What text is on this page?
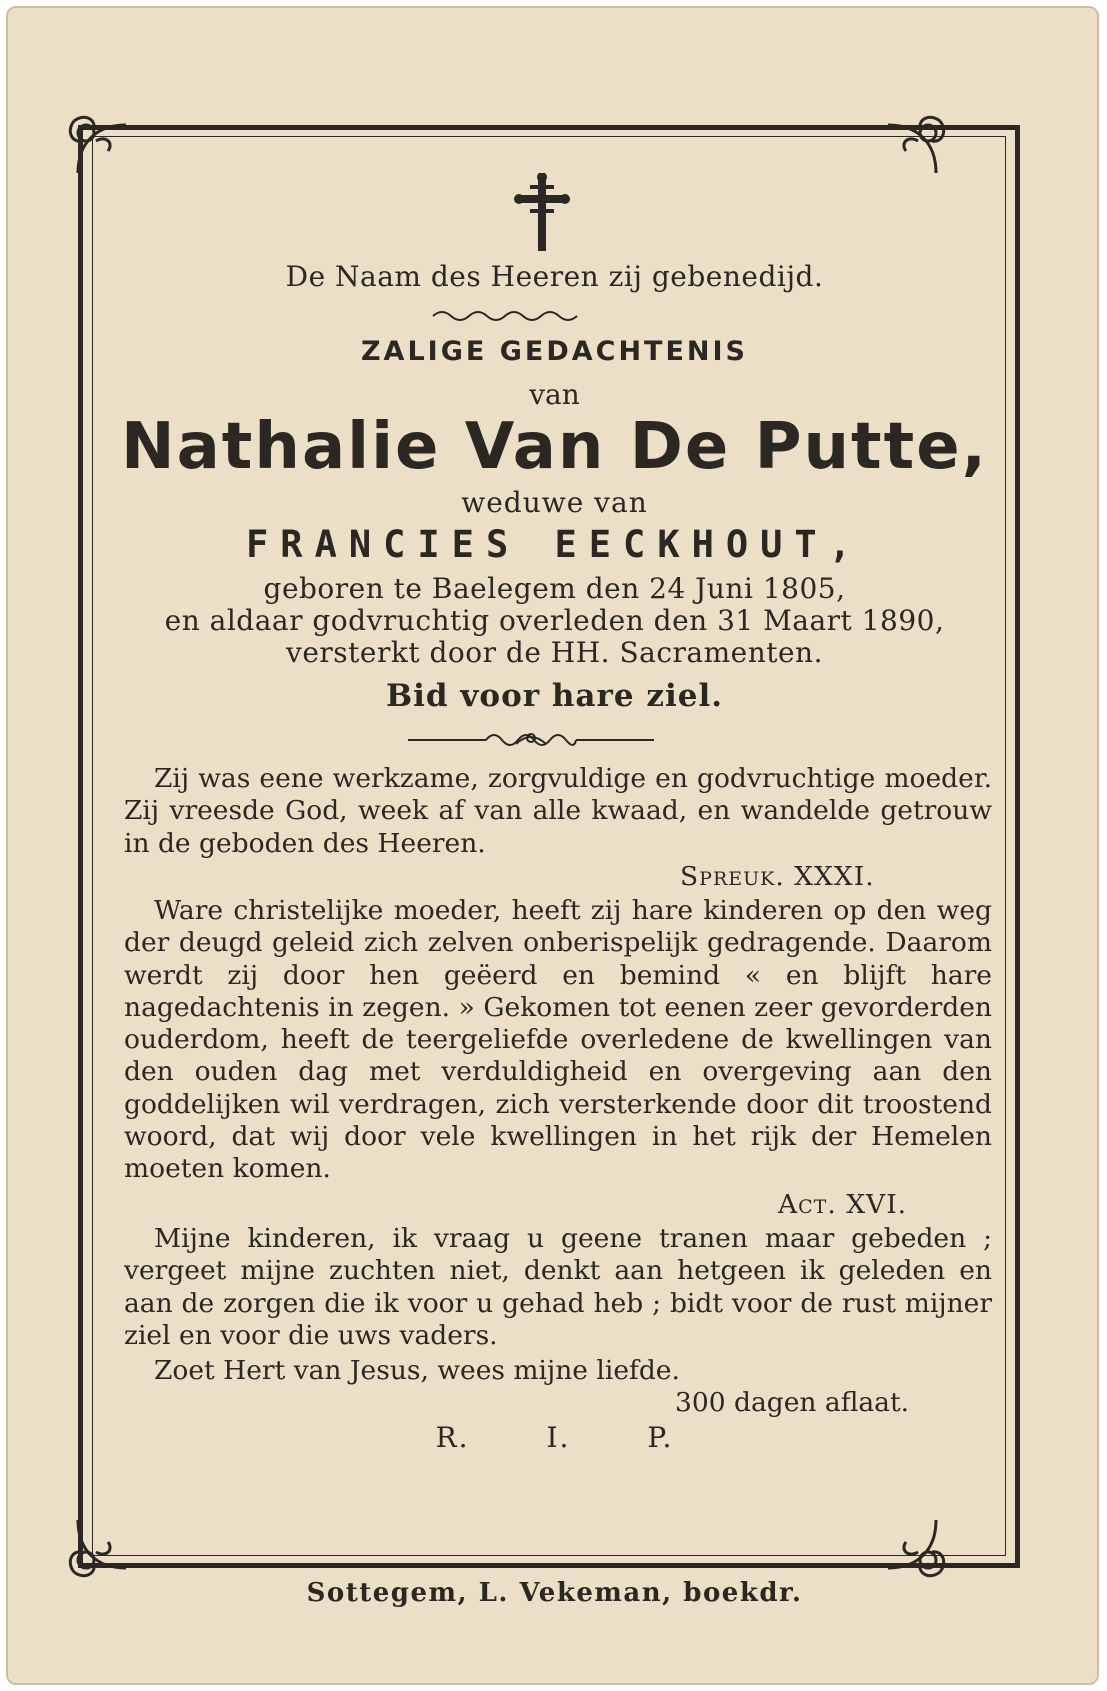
De Naam des Heeren zij gebenedijd.
ZALIGE GEDACHTENIS
van
Nathalie Van De Putte,
weduwe van
FRANCIES EECKHOUT,
geboren te Baelegem den 24 Juni 1805,
en aldaar godvruchtig overleden den 31 Maart 1890,
versterkt door de HH. Sacramenten.
Bid voor hare ziel.

Zij was eene werkzame, zorgvuldige en godvruchtige moeder. Zij vreesde God, week af van alle kwaad, en wandelde getrouw in de geboden des Heeren.

Spreuk. XXXI.

Ware christelijke moeder, heeft zij hare kinderen op den weg der deugd geleid zich zelven onberispelijk gedragende. Daarom werdt zij door hen geëerd en bemind « en blijft hare nagedachtenis in zegen. » Gekomen tot eenen zeer gevorderden ouderdom, heeft de teergeliefde overledene de kwellingen van den ouden dag met verduldigheid en overgeving aan den goddelijken wil verdragen, zich versterkende door dit troostend woord, dat wij door vele kwellingen in het rijk der Hemelen moeten komen.

Act. XVI.

Mijne kinderen, ik vraag u geene tranen maar gebeden ; vergeet mijne zuchten niet, denkt aan hetgeen ik geleden en aan de zorgen die ik voor u gehad heb ; bidt voor de rust mijner ziel en voor die uws vaders.

Zoet Hert van Jesus, wees mijne liefde.

300 dagen aflaat.
R.	I.	P.
Sottegem, L. Vekeman, boekdr.
